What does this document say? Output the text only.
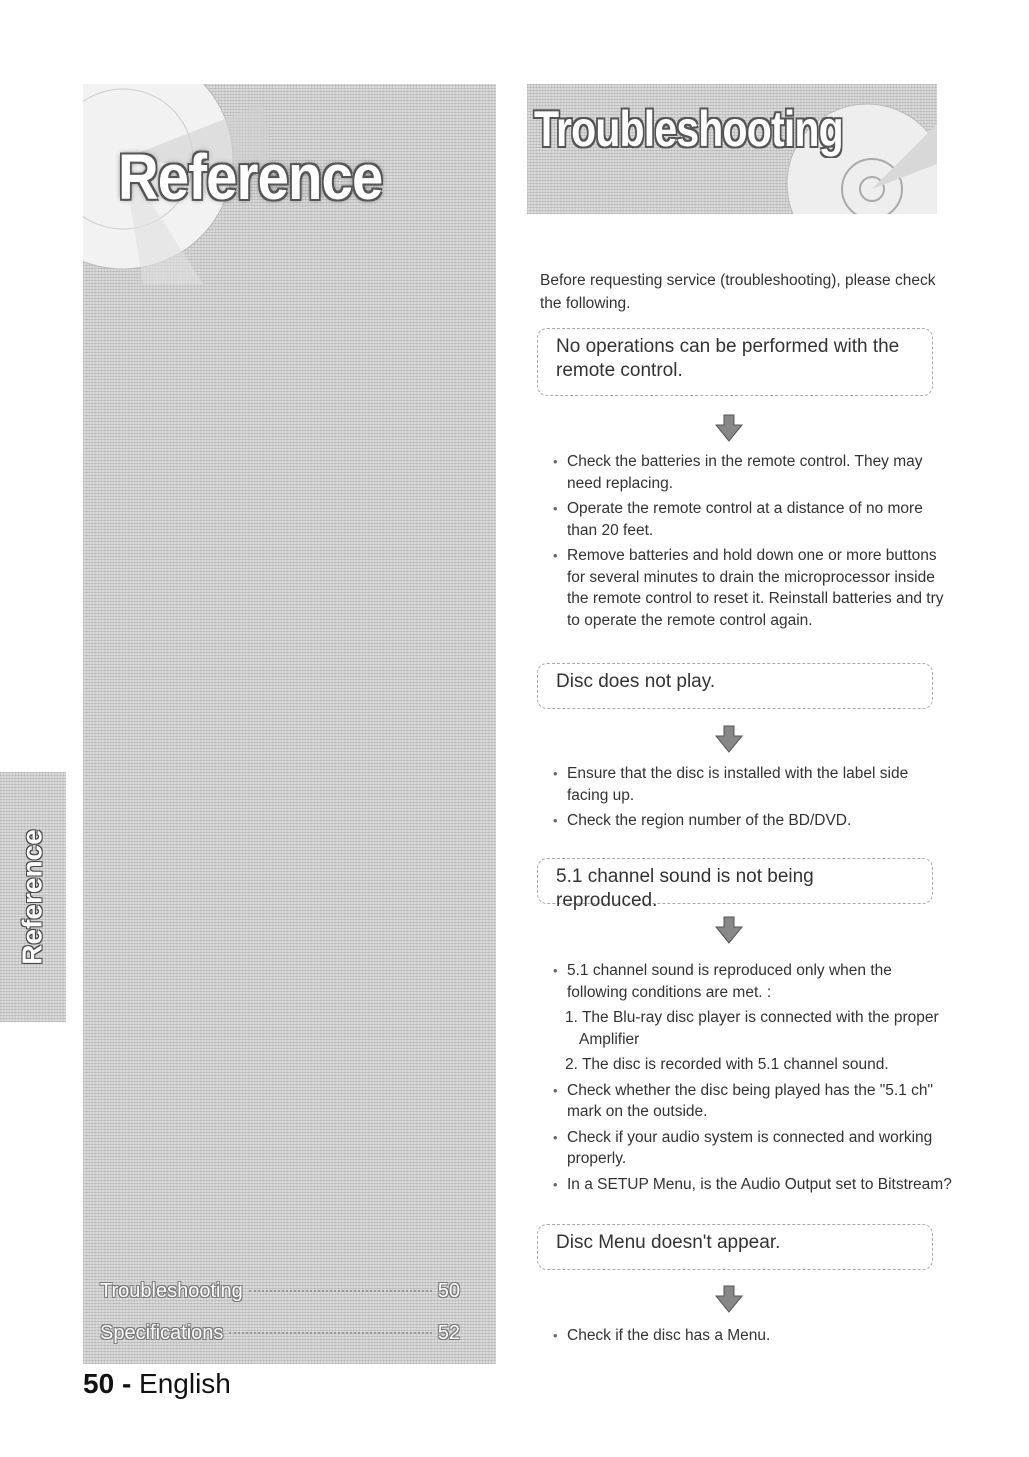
Reference
Reference
Troubleshooting	50
Specifications	52
50 - English
Troubleshooting

Before requesting service (troubleshooting), please check the following.

No operations can be performed with the remote control.
• Check the batteries in the remote control. They may need replacing.
• Operate the remote control at a distance of no more than 20 feet.
• Remove batteries and hold down one or more buttons for several minutes to drain the microprocessor inside the remote control to reset it. Reinstall batteries and try to operate the remote control again.
Disc does not play.
• Ensure that the disc is installed with the label side facing up.
• Check the region number of the BD/DVD.
5.1 channel sound is not being reproduced.
• 5.1 channel sound is reproduced only when the following conditions are met. :
1. The Blu-ray disc player is connected with the proper Amplifier
2. The disc is recorded with 5.1 channel sound.
• Check whether the disc being played has the "5.1 ch" mark on the outside.
• Check if your audio system is connected and working properly.
• In a SETUP Menu, is the Audio Output set to Bitstream?
Disc Menu doesn't appear.
• Check if the disc has a Menu.
